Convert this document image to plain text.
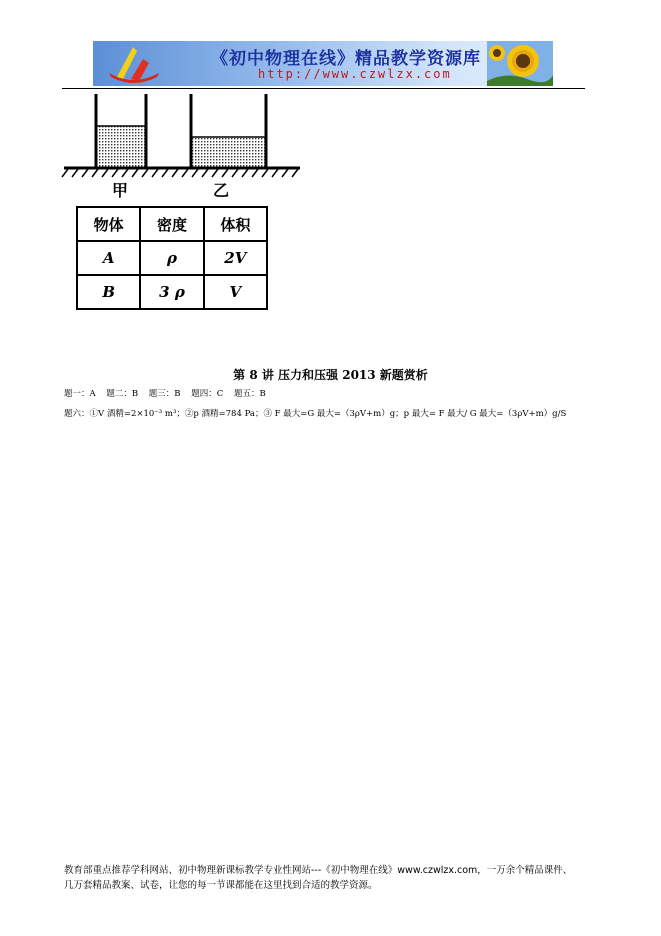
《初中物理在线》精品教学资源库
http://www.czwlzx.com
甲	乙
物体	密度	体积
A	ρ	2V
B	3 ρ	V
第 8 讲 压力和压强 2013 新题赏析
题一：A 题二：B 题三：B 题四：C 题五：B
题六：①V 酒精=2×10⁻³ m³；②p 酒精=784 Pa；③ F 最大=G 最大=（3ρV+m）g；p 最大= F 最大/ G 最大=（3ρV+m）g/S
教育部重点推荐学科网站、初中物理新课标教学专业性网站---《初中物理在线》www.czwlzx.com，一万余个精品课件、
几万套精品教案、试卷，让您的每一节课都能在这里找到合适的教学资源。
